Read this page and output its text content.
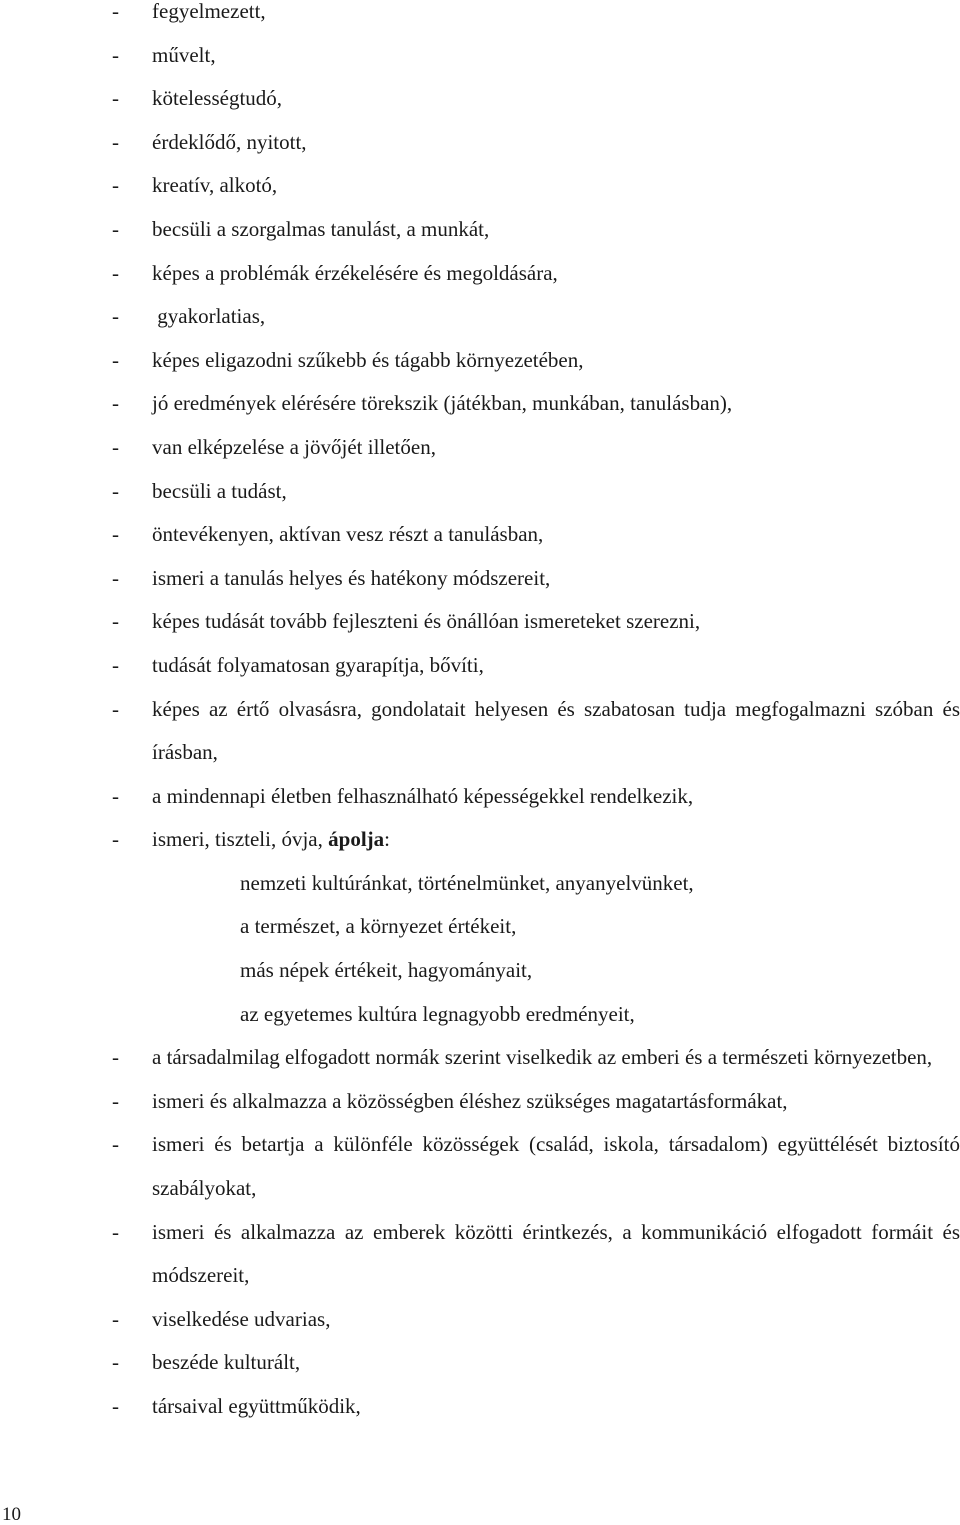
-	fegyelmezett,
-	művelt,
-	kötelességtudó,
-	érdeklődő, nyitott,
-	kreatív, alkotó,
-	becsüli a szorgalmas tanulást, a munkát,
-	képes a problémák érzékelésére és megoldására,
-	gyakorlatias,
-	képes eligazodni szűkebb és tágabb környezetében,
-	jó eredmények elérésére törekszik (játékban, munkában, tanulásban),
-	van elképzelése a jövőjét illetően,
-	becsüli a tudást,
-	öntevékenyen, aktívan vesz részt a tanulásban,
-	ismeri a tanulás helyes és hatékony módszereit,
-	képes tudását tovább fejleszteni és önállóan ismereteket szerezni,
-	tudását folyamatosan gyarapítja, bővíti,
-	képes az értő olvasásra, gondolatait helyesen és szabatosan tudja megfogalmazni szóban és írásban,
-	a mindennapi életben felhasználható képességekkel rendelkezik,
-	ismeri, tiszteli, óvja, ápolja:
nemzeti kultúránkat, történelmünket, anyanyelvünket,
a természet, a környezet értékeit,
más népek értékeit, hagyományait,
az egyetemes kultúra legnagyobb eredményeit,
-	a társadalmilag elfogadott normák szerint viselkedik az emberi és a természeti környezetben,
-	ismeri és alkalmazza a közösségben éléshez szükséges magatartásformákat,
-	ismeri és betartja a különféle közösségek (család, iskola, társadalom) együttélését biztosító szabályokat,
-	ismeri és alkalmazza az emberek közötti érintkezés, a kommunikáció elfogadott formáit és módszereit,
-	viselkedése udvarias,
-	beszéde kulturált,
-	társaival együttműködik,
10
